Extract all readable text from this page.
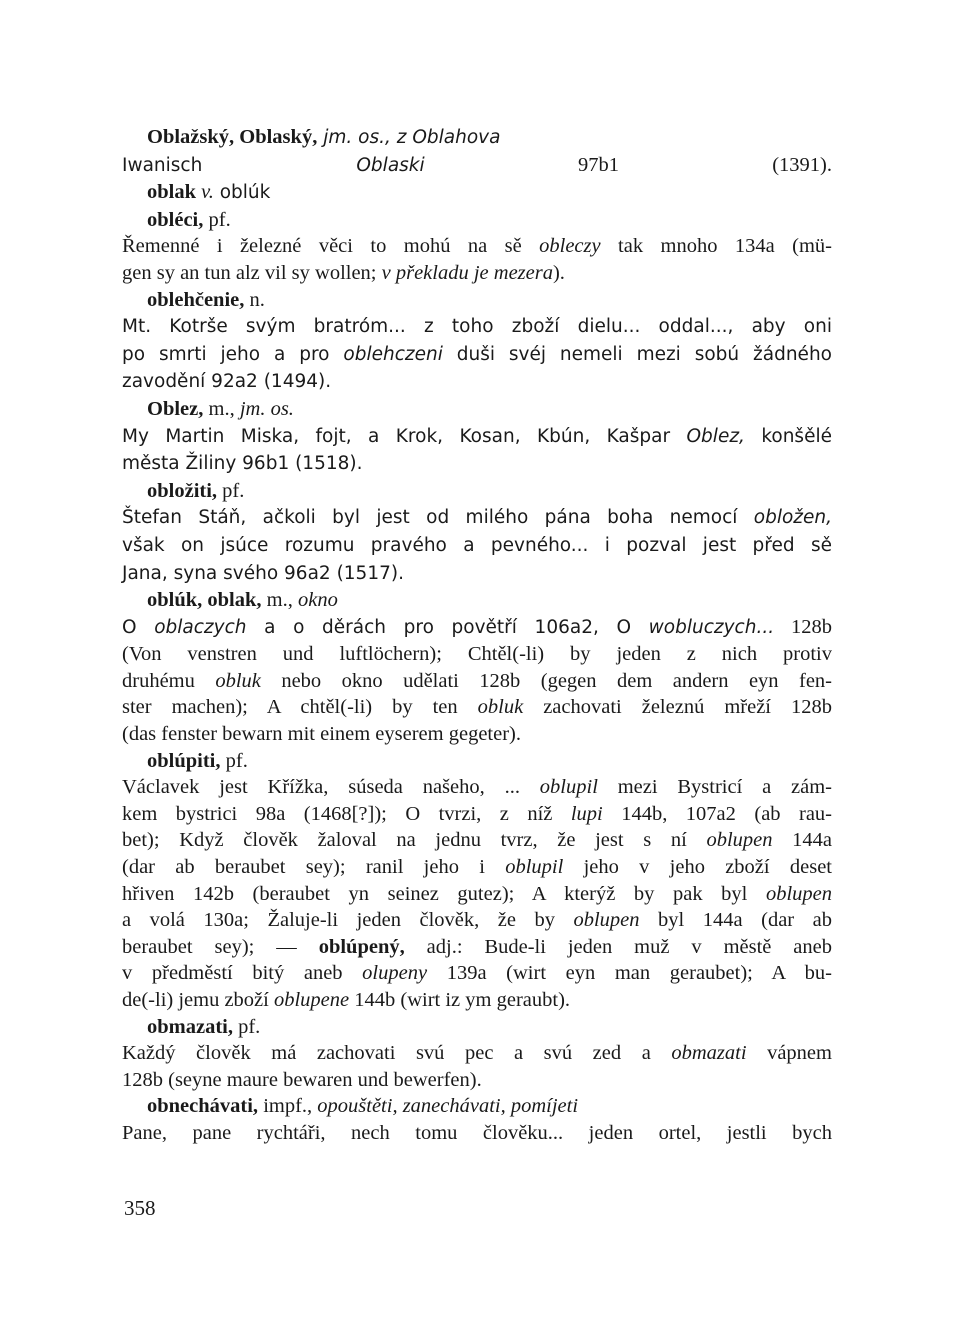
Oblažský, Oblaský, jm. os., z Oblahova
Iwanisch Oblaski 97b1 (1391).
oblak v. oblúk
obléci, pf.
Řemenné i železné věci to mohú na sě obleczy tak mnoho 134a (mü-
gen sy an tun alz vil sy wollen; v překladu je mezera).
oblehčenie, n.
Mt. Kotrše svým bratróm... z toho zboží dielu... oddal..., aby oni
po smrti jeho a pro oblehczeni duši svéj nemeli mezi sobú žádného
zavodění 92a2 (1494).
Oblez, m., jm. os.
My Martin Miska, fojt, a Krok, Kosan, Kbún, Kašpar Oblez, konšělé
města Žiliny 96b1 (1518).
obložiti, pf.
Štefan Stáň, ačkoli byl jest od milého pána boha nemocí obložen,
však on jsúce rozumu pravého a pevného... i pozval jest před sě
Jana, syna svého 96a2 (1517).
oblúk, oblak, m., okno
O oblaczych a o děrách pro povětří 106a2, O wobluczych... 128b
(Von venstren und luftlöchern); Chtěl(-li) by jeden z nich protiv
druhému obluk nebo okno udělati 128b (gegen dem andern eyn fen-
ster machen); A chtěl(-li) by ten obluk zachovati železnú mřeží 128b
(das fenster bewarn mit einem eyserem gegeter).
oblúpiti, pf.
Václavek jest Křížka, súseda našeho, ... oblupil mezi Bystricí a zám-
kem bystrici 98a (1468[?]); O tvrzi, z níž lupi 144b, 107a2 (ab rau-
bet); Když člověk žaloval na jednu tvrz, že jest s ní oblupen 144a
(dar ab beraubet sey); ranil jeho i oblupil jeho v jeho zboží deset
hřiven 142b (beraubet yn seinez gutez); A kterýž by pak byl oblupen
a volá 130a; Žaluje-li jeden člověk, že by oblupen byl 144a (dar ab
beraubet sey); — oblúpený, adj.: Bude-li jeden muž v městě aneb
v předměstí bitý aneb olupeny 139a (wirt eyn man geraubet); A bu-
de(-li) jemu zboží oblupene 144b (wirt iz ym geraubt).
obmazati, pf.
Každý člověk má zachovati svú pec a svú zed a obmazati vápnem
128b (seyne maure bewaren und bewerfen).
obnechávati, impf., opouštěti, zanechávati, pomíjeti
Pane, pane rychtáři, nech tomu člověku... jeden ortel, jestli bych
358
